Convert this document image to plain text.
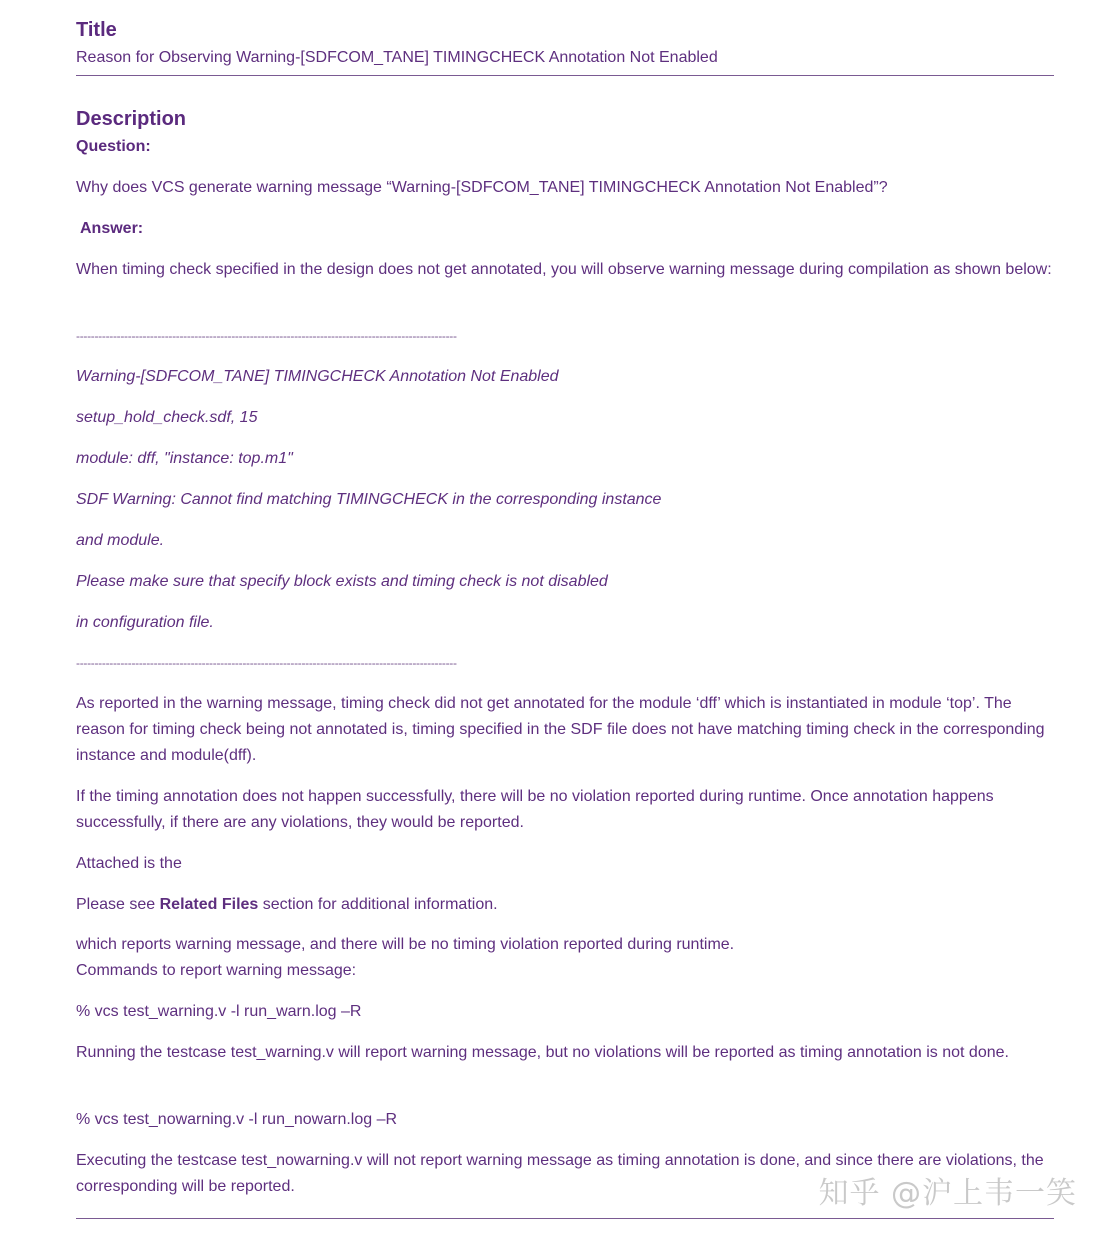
Title
Reason for Observing Warning-[SDFCOM_TANE] TIMINGCHECK Annotation Not Enabled
Description
Question:
Why does VCS generate warning message “Warning-[SDFCOM_TANE] TIMINGCHECK Annotation Not Enabled”?
Answer:
When timing check specified in the design does not get annotated, you will observe warning message during compilation as shown below:
-------------------------------------------------------------------------------------------------------
Warning-[SDFCOM_TANE] TIMINGCHECK Annotation Not Enabled
setup_hold_check.sdf, 15
module: dff, "instance: top.m1"
SDF Warning: Cannot find matching TIMINGCHECK in the corresponding instance
and module.
Please make sure that specify block exists and timing check is not disabled
in configuration file.
-------------------------------------------------------------------------------------------------------
As reported in the warning message, timing check did not get annotated for the module ‘dff’ which is instantiated in module ‘top’. The reason for timing check being not annotated is, timing specified in the SDF file does not have matching timing check in the corresponding instance and module(dff).
If the timing annotation does not happen successfully, there will be no violation reported during runtime. Once annotation happens successfully, if there are any violations, they would be reported.
Attached is the
Please see Related Files section for additional information.
which reports warning message, and there will be no timing violation reported during runtime.
Commands to report warning message:
% vcs test_warning.v -l run_warn.log –R
Running the testcase test_warning.v will report warning message, but no violations will be reported as timing annotation is not done.
% vcs test_nowarning.v -l run_nowarn.log –R
Executing the testcase test_nowarning.v will not report warning message as timing annotation is done, and since there are violations, the corresponding will be reported.	知乎 @沪上韦一笑
